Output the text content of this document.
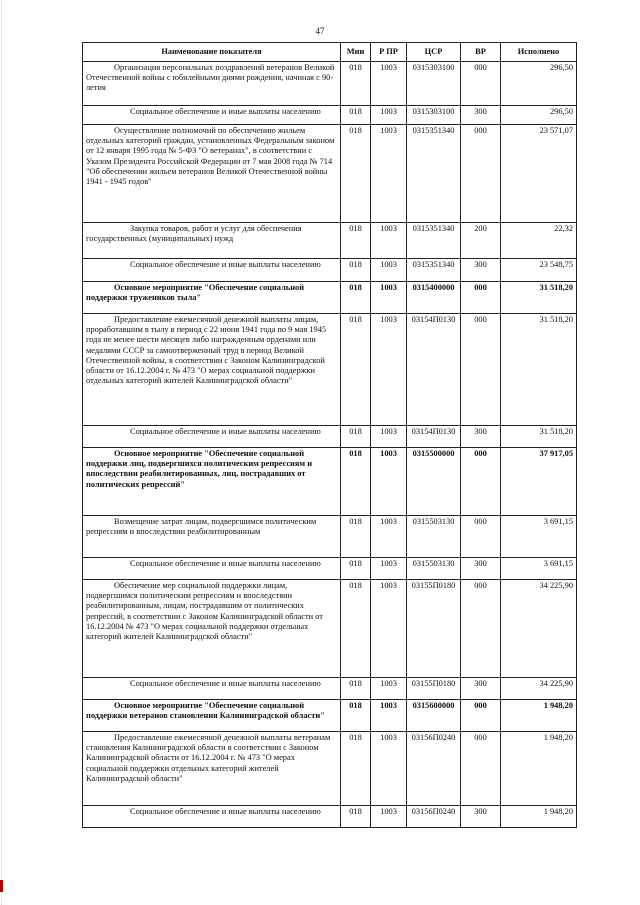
47
Наименование показателя	Мин	Р ПР	ЦСР	ВР	Исполнено
Организация персональных поздравлений ветеранов Великой Отечественной войны с юбилейными днями рождения, начиная с 90-летия	018	1003	0315303100	000	296,50
Социальное обеспечение и иные выплаты населению	018	1003	0315303100	300	296,50
Осуществление полномочий по обеспечению жильем отдельных категорий граждан, установленных Федеральным законом от 12 января 1995 года № 5-ФЗ "О ветеранах", в соответствии с Указом Президента Российской Федерации от 7 мая 2008 года № 714 "Об обеспечении жильем ветеранов Великой Отечественной войны 1941 - 1945 годов"	018	1003	0315351340	000	23 571,07
Закупка товаров, работ и услуг для обеспечения государственных (муниципальных) нужд	018	1003	0315351340	200	22,32
Социальное обеспечение и иные выплаты населению	018	1003	0315351340	300	23 548,75
Основное мероприятие "Обеспечение социальной поддержки тружеников тыла"	018	1003	0315400000	000	31 518,20
Предоставление ежемесячной денежной выплаты лицам, проработавшим в тылу в период с 22 июня 1941 года по 9 мая 1945 года не менее шести месяцев либо награжденным орденами или медалями СССР за самоотверженный труд в период Великой Отечественной войны, в соответствии с Законом Калининградской области от 16.12.2004 г. № 473 "О мерах социальной поддержки отдельных категорий жителей Калининградской области"	018	1003	03154П0130	000	31 518,20
Социальное обеспечение и иные выплаты населению	018	1003	03154П0130	300	31 518,20
Основное мероприятие "Обеспечение социальной поддержки лиц, подвергшихся политическим репрессиям и впоследствии реабилитированных, лиц, пострадавших от политических репрессий"	018	1003	0315500000	000	37 917,05
Возмещение затрат лицам, подвергшимся политическим репрессиям и впоследствии реабилитированным	018	1003	0315503130	000	3 691,15
Социальное обеспечение и иные выплаты населению	018	1003	0315503130	300	3 691,15
Обеспечение мер социальной поддержки лицам, подвергшимся политическим репрессиям и впоследствии реабилитированным, лицам, пострадавшим от политических репрессий, в соответствии с Законом Калининградской области от 16.12.2004 № 473 "О мерах социальной поддержки отдельных категорий жителей Калининградской области"	018	1003	03155П0180	000	34 225,90
Социальное обеспечение и иные выплаты населению	018	1003	03155П0180	300	34 225,90
Основное мероприятие "Обеспечение социальной поддержки ветеранов становления Калининградской области"	018	1003	0315600000	000	1 948,20
Предоставление ежемесячной денежной выплаты ветеранам становления Калининградской области в соответствии с Законом Калининградской области от 16.12.2004 г. № 473 "О мерах социальной поддержки отдельных категорий жителей Калининградской области"	018	1003	03156П0240	000	1 948,20
Социальное обеспечение и иные выплаты населению	018	1003	03156П0240	300	1 948,20
